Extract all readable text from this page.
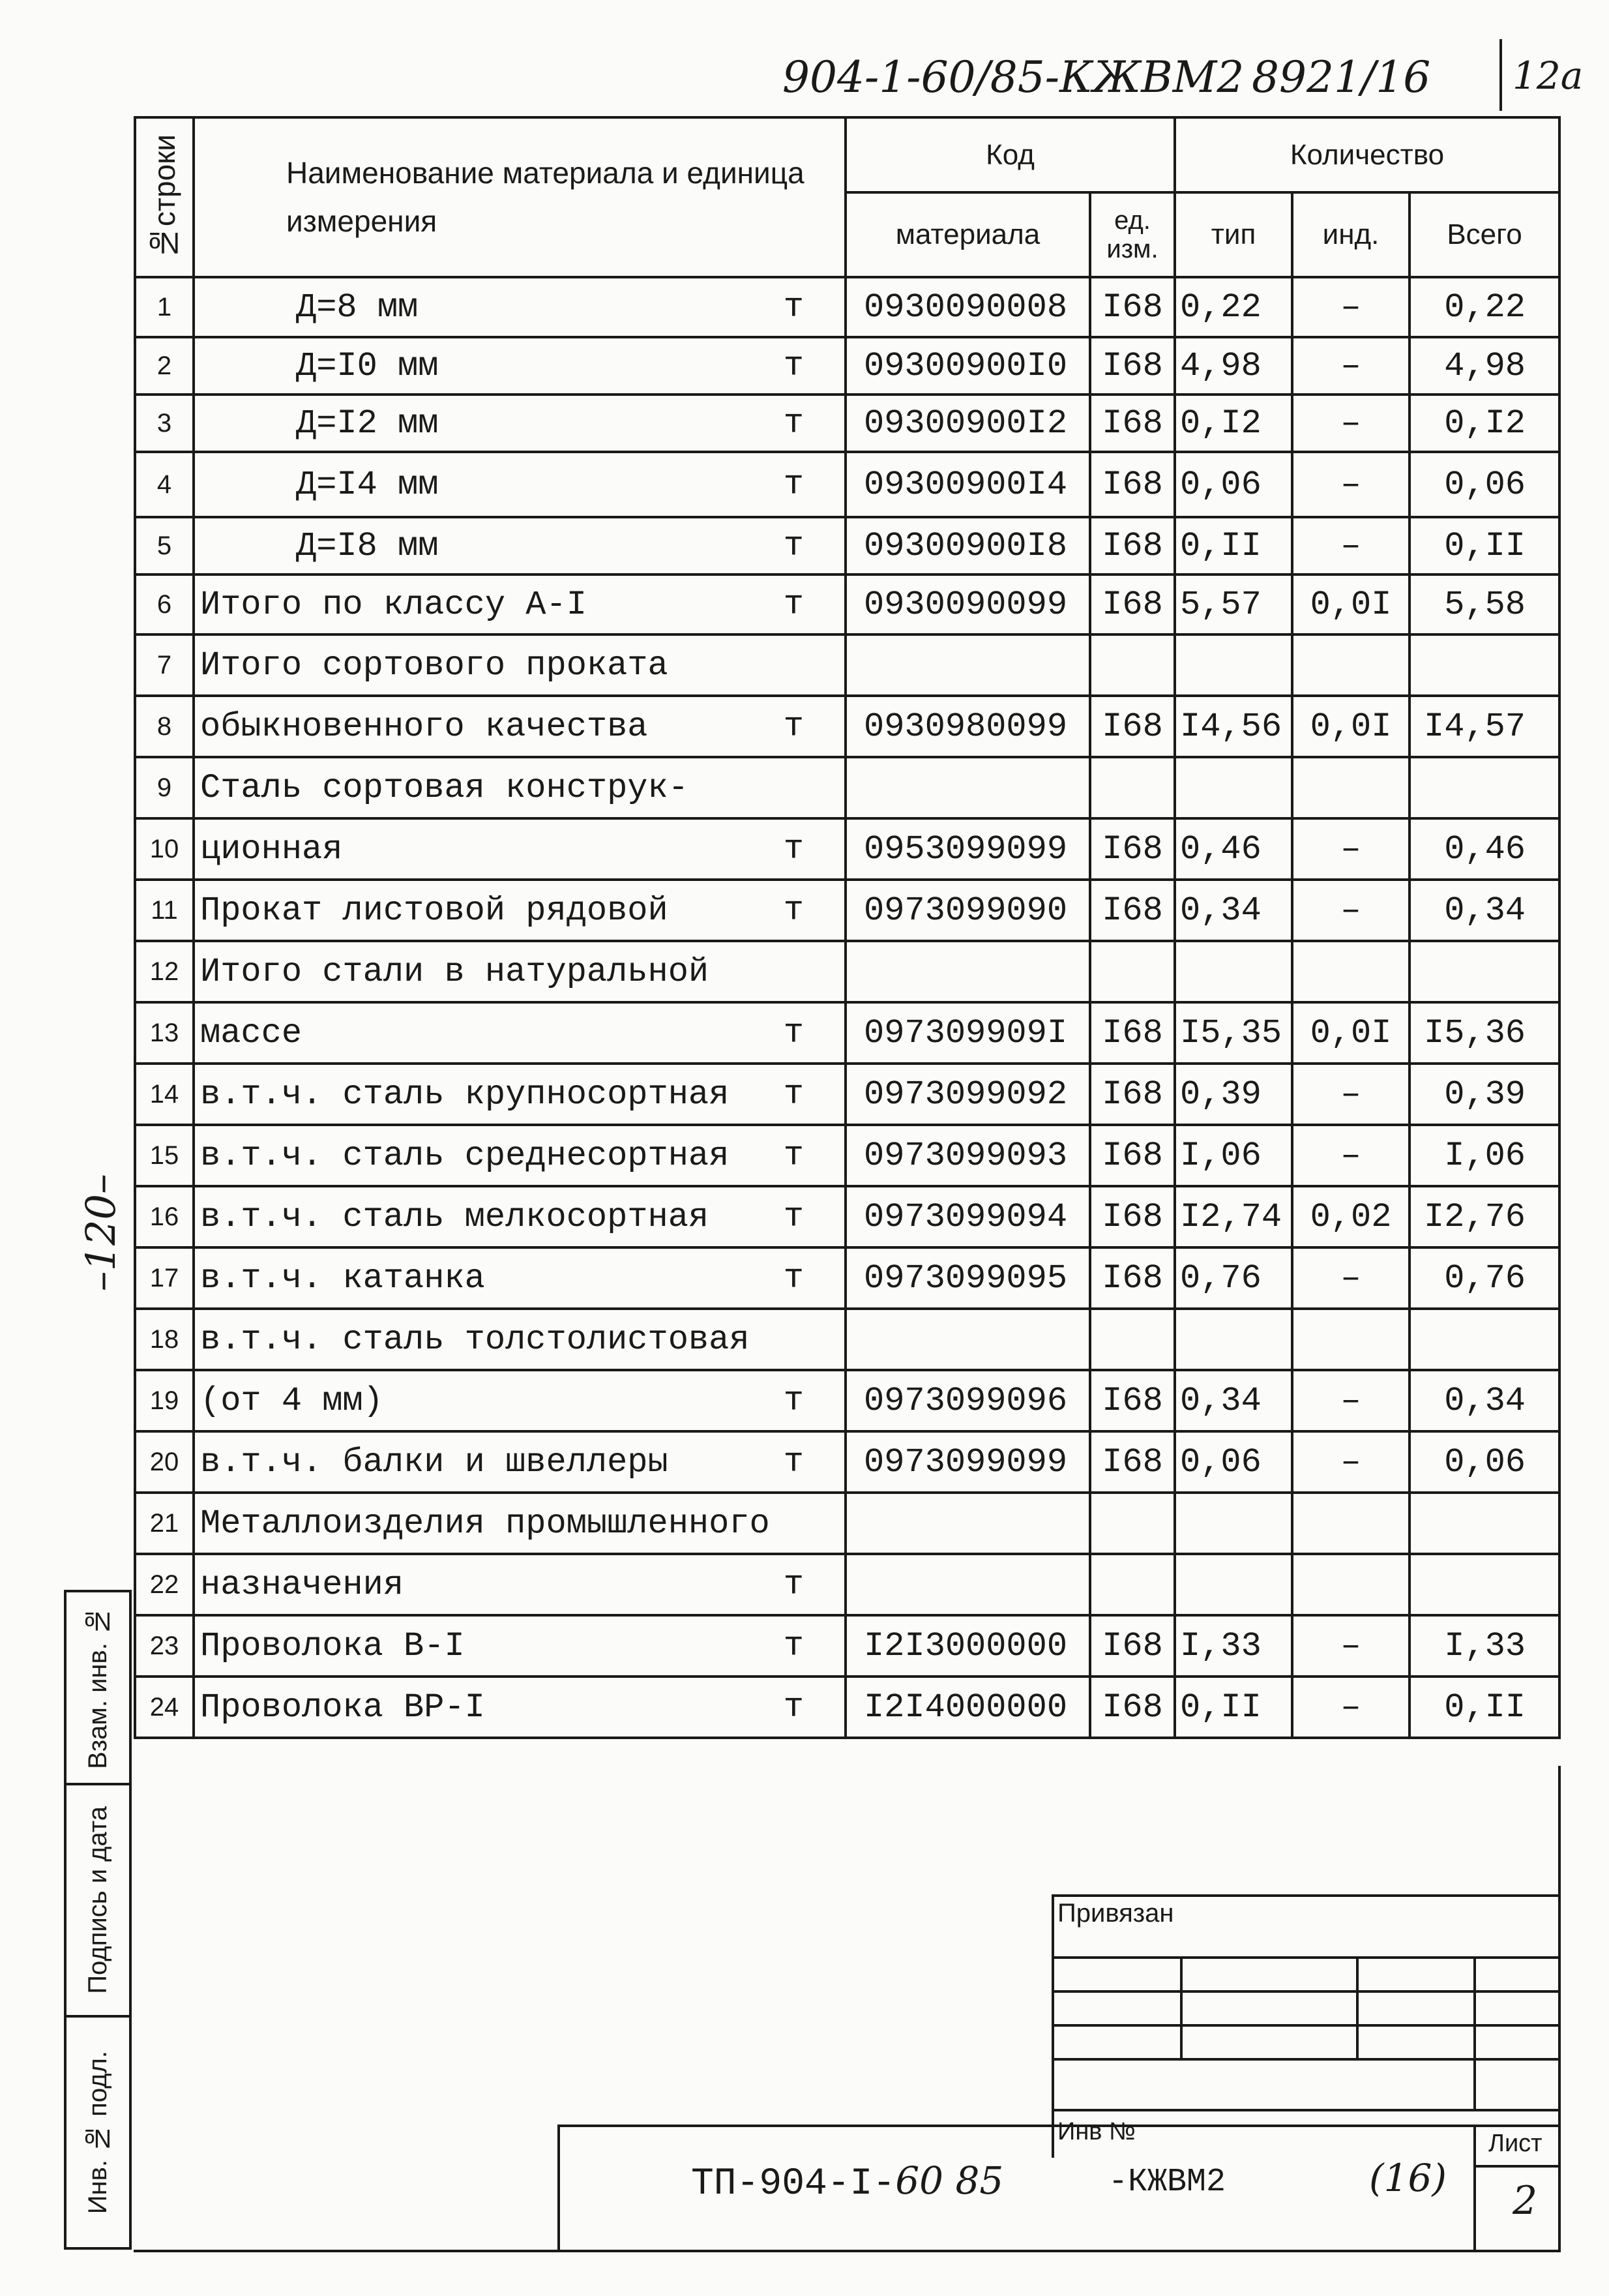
904-1-60/85-КЖВМ2 8921/16 12а
№строки	Наименование материала и единица измерения	Код		Количество		
		материала	ед. изм.	тип	инд.	Всего
1	Д=8 мм т	0930090008	I68	0,22	–	0,22
2	Д=I0 мм т	09300900I0	I68	4,98	–	4,98
3	Д=I2 мм т	09300900I2	I68	0,I2	–	0,I2
4	Д=I4 мм т	09300900I4	I68	0,06	–	0,06
5	Д=I8 мм т	09300900I8	I68	0,II	–	0,II
6	Итого по классу А-I т	0930090099	I68	5,57	0,0I	5,58
7	Итого сортового проката

8	обыкновенного качества т	0930980099	I68	I4,56	0,0I	I4,57
9	Сталь сортовая конструк-

10	ционная т	0953099099	I68	0,46	–	0,46
11	Прокат листовой рядовой т	0973099090	I68	0,34	–	0,34
12	Итого стали в натуральной

13	массе т	097309909I	I68	I5,35	0,0I	I5,36
14	в.т.ч. сталь крупносортная т	0973099092	I68	0,39	–	0,39
15	в.т.ч. сталь среднесортная т	0973099093	I68	I,06	–	I,06
16	в.т.ч. сталь мелкосортная т	0973099094	I68	I2,74	0,02	I2,76
17	в.т.ч. катанка т	0973099095	I68	0,76	–	0,76
18	в.т.ч. сталь толстолистовая

19	(от 4 мм) т	0973099096	I68	0,34	–	0,34
20	в.т.ч. балки и швеллеры т	0973099099	I68	0,06	–	0,06
21	Металлоизделия промышленного

22	назначения т					

23	Проволока В-I т	I2I3000000	I68	I,33	–	I,33
24	Проволока ВР-I т	I2I4000000	I68	0,II	–	0,II
–120–
Взам. инв. №
Подпись и дата
Инв. № подл.
Привязан
Инв №	Лист
2
ТП-904-I-60 85	-КЖВМ2	(16)
